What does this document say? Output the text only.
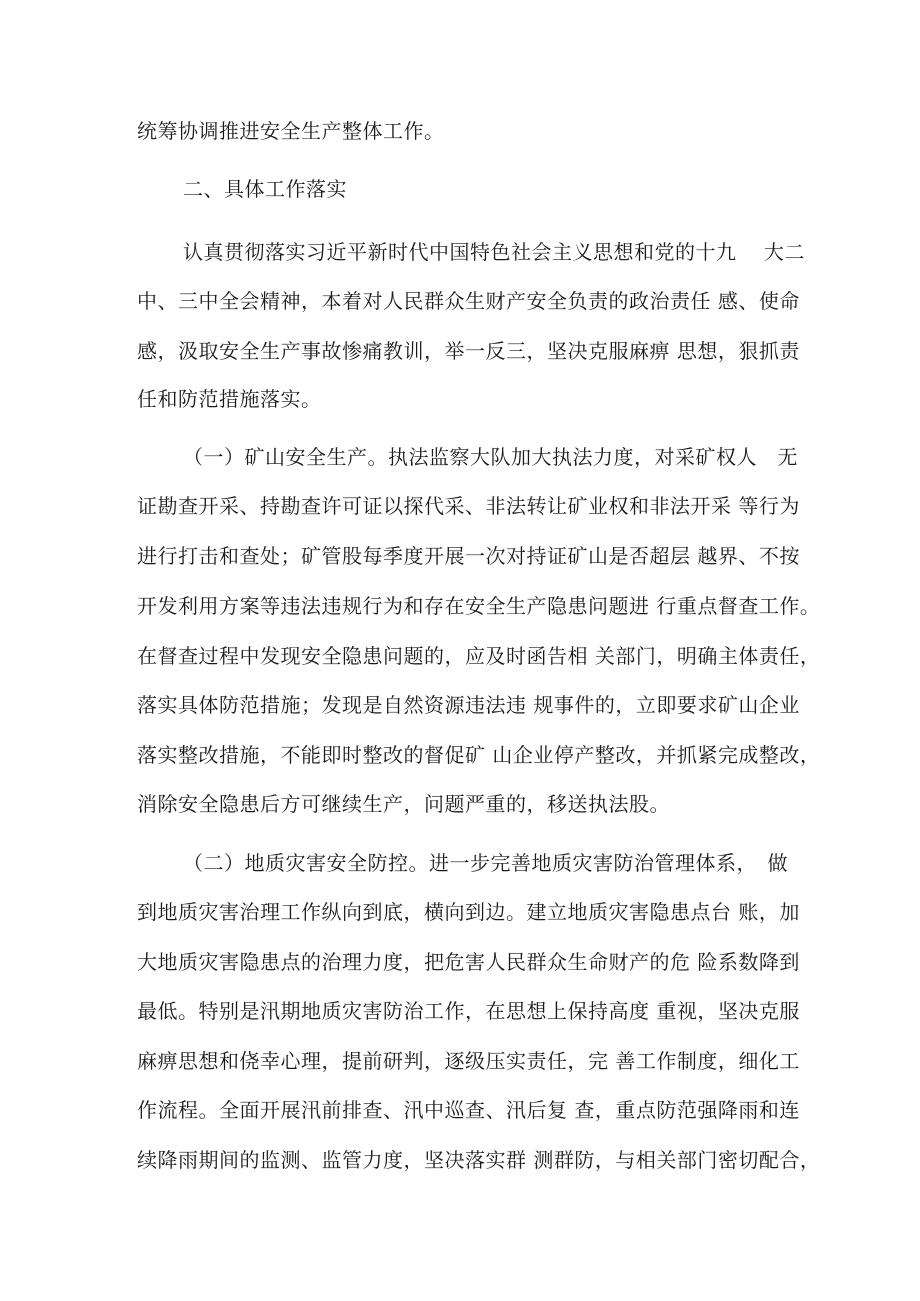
统筹协调推进安全生产整体工作。
二、具体工作落实
认真贯彻落实习近平新时代中国特色社会主义思想和党的十九　 大二
中、三中全会精神，本着对人民群众生财产安全负责的政治责任 感、使命
感，汲取安全生产事故惨痛教训，举一反三，坚决克服麻痹 思想，狠抓责
任和防范措施落实。
（一）矿山安全生产。执法监察大队加大执法力度，对采矿权人　无
证勘查开采、持勘查许可证以探代采、非法转让矿业权和非法开采 等行为
进行打击和查处；矿管股每季度开展一次对持证矿山是否超层 越界、不按
开发利用方案等违法违规行为和存在安全生产隐患问题进 行重点督查工作。
在督查过程中发现安全隐患问题的，应及时函告相 关部门，明确主体责任，
落实具体防范措施；发现是自然资源违法违 规事件的，立即要求矿山企业
落实整改措施，不能即时整改的督促矿 山企业停产整改，并抓紧完成整改，
消除安全隐患后方可继续生产，问题严重的，移送执法股。
（二）地质灾害安全防控。进一步完善地质灾害防治管理体系，　做
到地质灾害治理工作纵向到底，横向到边。建立地质灾害隐患点台 账，加
大地质灾害隐患点的治理力度，把危害人民群众生命财产的危 险系数降到
最低。特别是汛期地质灾害防治工作，在思想上保持高度 重视，坚决克服
麻痹思想和侥幸心理，提前研判，逐级压实责任，完 善工作制度，细化工
作流程。全面开展汛前排查、汛中巡查、汛后复 查，重点防范强降雨和连
续降雨期间的监测、监管力度，坚决落实群 测群防，与相关部门密切配合，
